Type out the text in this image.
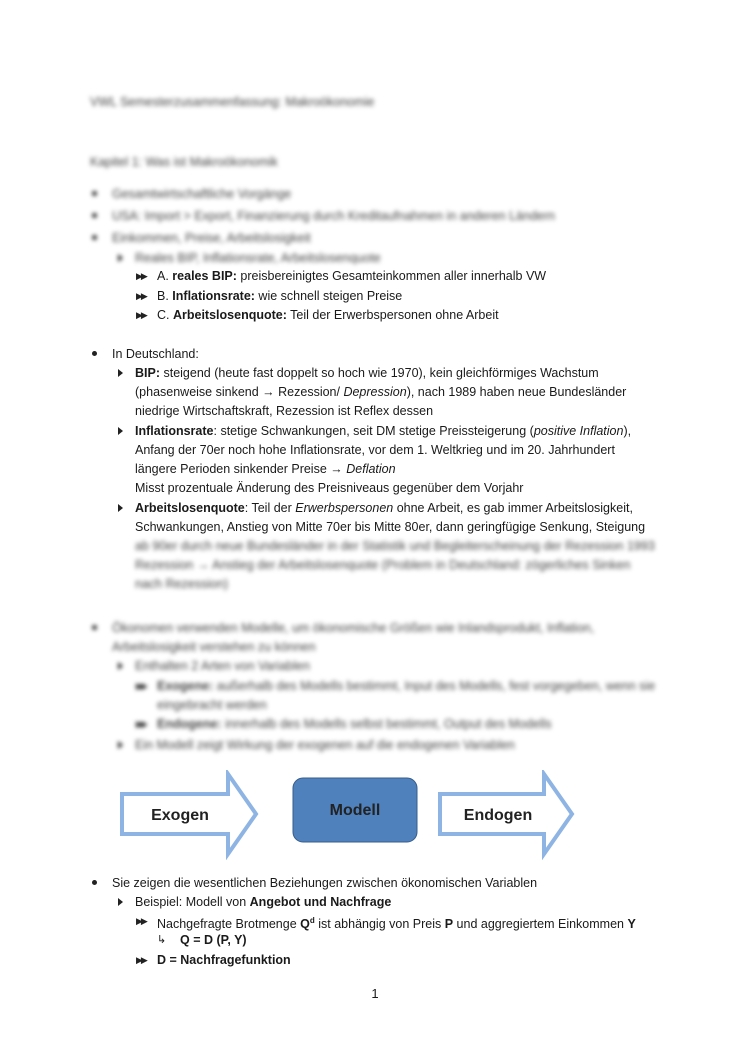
VWL Semesterzusammenfassung: Makroökonomie
Kapitel 1: Was ist Makroökonomik
Gesamtwirtschaftliche Vorgänge
USA: Import > Export, Finanzierung durch Kreditaufnahmen in anderen Ländern
Einkommen, Preise, Arbeitslosigkeit
Reales BIP, Inflationsrate, Arbeitslosenquote
▶▶ A. reales BIP: preisbereinigtes Gesamteinkommen aller innerhalb VW
▶▶ B. Inflationsrate: wie schnell steigen Preise
▶▶ C. Arbeitslosenquote: Teil der Erwerbspersonen ohne Arbeit
In Deutschland:
BIP: steigend (heute fast doppelt so hoch wie 1970), kein gleichförmiges Wachstum
(phasenweise sinkend → Rezession/ Depression), nach 1989 haben neue Bundesländer
niedrige Wirtschaftskraft, Rezession ist Reflex dessen
Inflationsrate: stetige Schwankungen, seit DM stetige Preissteigerung (positive Inflation),
Anfang der 70er noch hohe Inflationsrate, vor dem 1. Weltkrieg und im 20. Jahrhundert
längere Perioden sinkender Preise → Deflation
Misst prozentuale Änderung des Preisniveaus gegenüber dem Vorjahr
Arbeitslosenquote: Teil der Erwerbspersonen ohne Arbeit, es gab immer Arbeitslosigkeit,
Schwankungen, Anstieg von Mitte 70er bis Mitte 80er, dann geringfügige Senkung, Steigung
ab 90er durch neue Bundesländer in der Statistik und Begleiterscheinung der Rezession 1993
Rezession → Anstieg der Arbeitslosenquote (Problem in Deutschland: zögerliches Sinken
nach Rezession)
Ökonomen verwenden Modelle, um ökonomische Größen wie Inlandsprodukt, Inflation,
Arbeitslosigkeit verstehen zu können
Enthalten 2 Arten von Variablen
▶▶ Exogene: außerhalb des Modells bestimmt, Input des Modells, fest vorgegeben, wenn sie
eingebracht werden
▶▶ Endogene: innerhalb des Modells selbst bestimmt, Output des Modells
Ein Modell zeigt Wirkung der exogenen auf die endogenen Variablen
Exogen	Modell	Endogen
Sie zeigen die wesentlichen Beziehungen zwischen ökonomischen Variablen
Beispiel: Modell von Angebot und Nachfrage
▶▶ Nachgefragte Brotmenge $Q^d$ ist abhängig von Preis P und aggregiertem Einkommen Y
↳ Q = D (P, Y)
▶▶ D = Nachfragefunktion
1
